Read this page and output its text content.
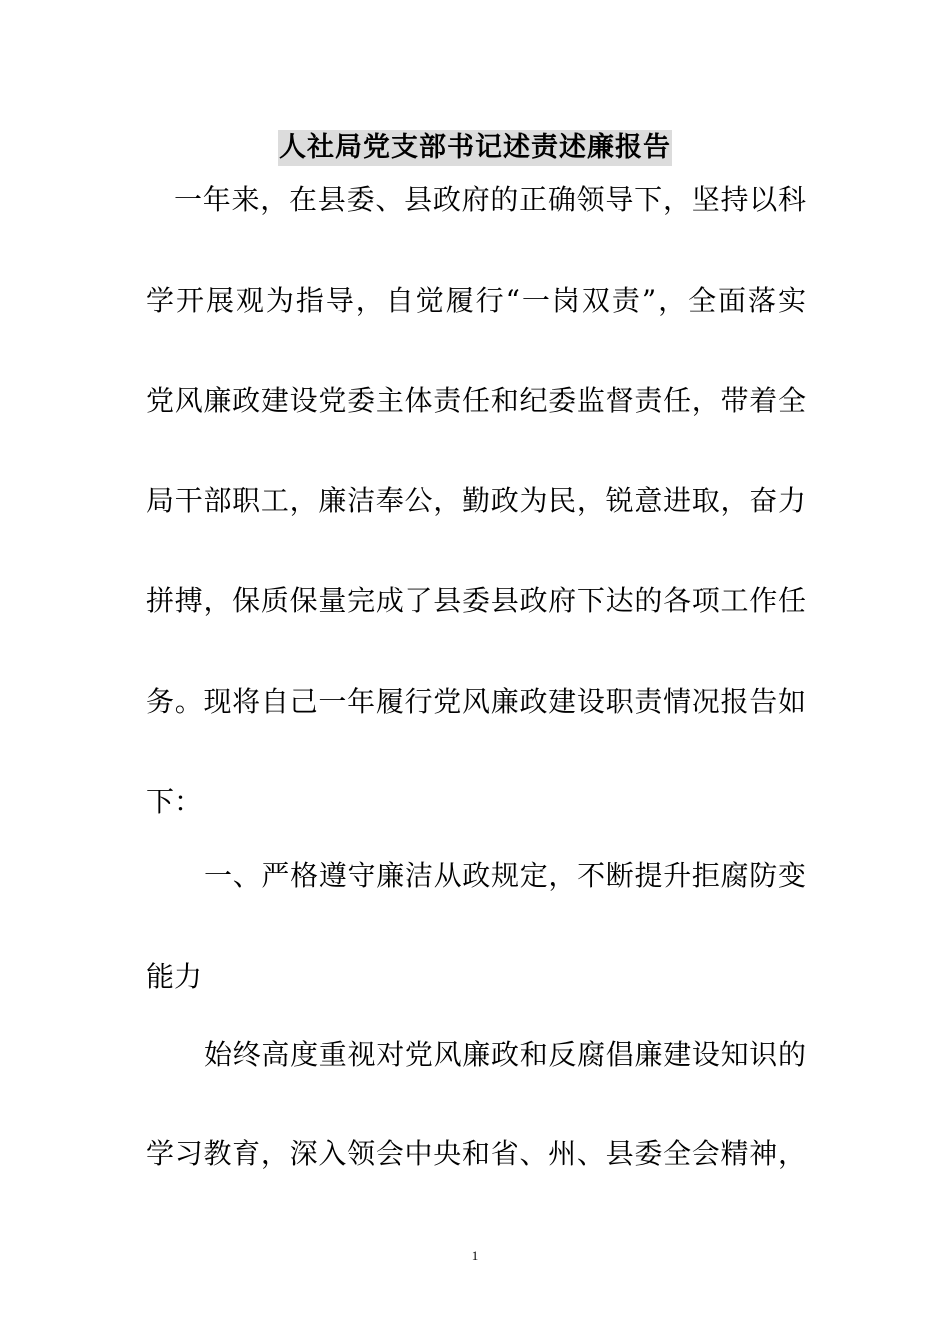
人社局党支部书记述责述廉报告
一年来，在县委、县政府的正确领导下，坚持以科
学开展观为指导，自觉履行“一岗双责”，全面落实
党风廉政建设党委主体责任和纪委监督责任，带着全
局干部职工，廉洁奉公，勤政为民，锐意进取，奋力
拼搏，保质保量完成了县委县政府下达的各项工作任
务。现将自己一年履行党风廉政建设职责情况报告如
下：
一、严格遵守廉洁从政规定，不断提升拒腐防变
能力
始终高度重视对党风廉政和反腐倡廉建设知识的
学习教育，深入领会中央和省、州、县委全会精神，
1
